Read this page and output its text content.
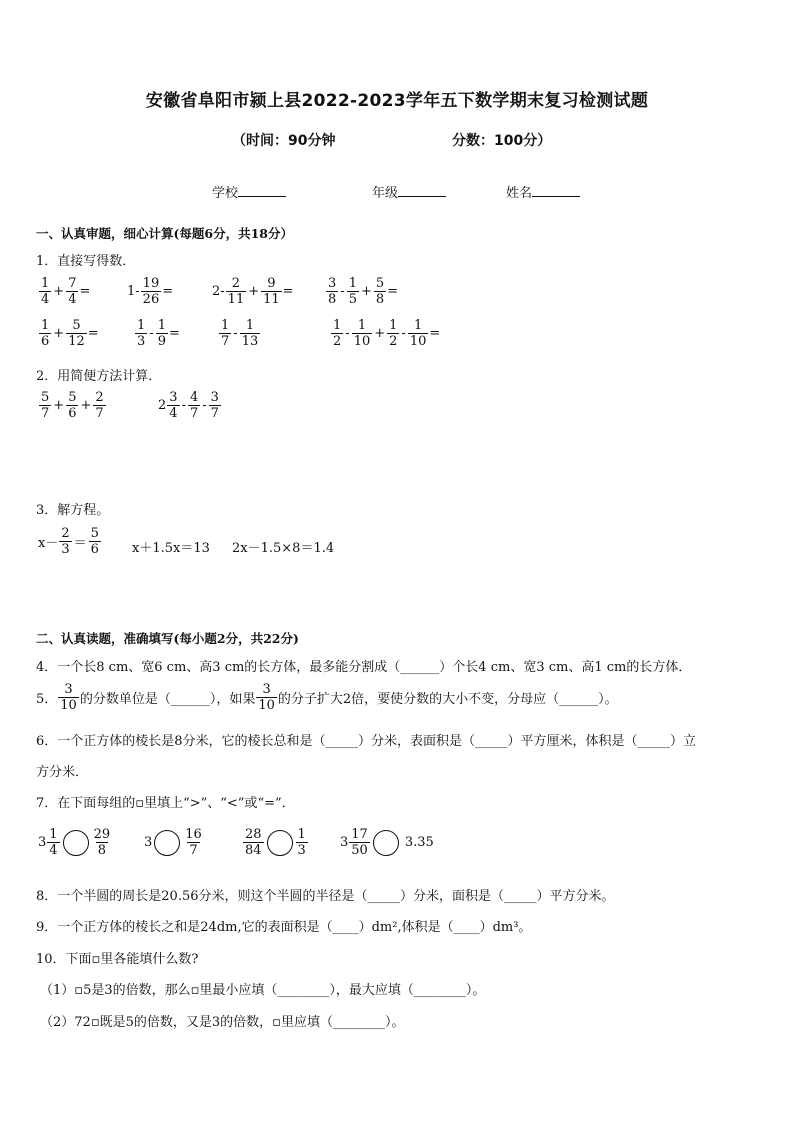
安徽省阜阳市颍上县2022-2023学年五下数学期末复习检测试题
（时间：90分钟	分数：100分）
学校	年级	姓名
一、认真审题，细心计算(每题6分，共18分）
1．直接写得数．
$\frac{1}{4} + \frac{7}{4}$ =	$1- \frac{19}{26}$ =	$2- \frac{2}{11} + \frac{9}{11} = \frac{3}{8} - \frac{1}{5} + \frac{5}{8}$ =
$\frac{1}{6} + \frac{5}{12}$ =	$\frac{1}{3} - \frac{1}{9}$ =	$\frac{1}{7} - \frac{1}{13}$	$\frac{1}{2} - \frac{1}{10} + \frac{1}{2} - \frac{1}{10}$ =
2．用简便方法计算．
$\frac{5}{7} + \frac{5}{6} + \frac{2}{7}$	$2 \frac{3}{4} - \frac{4}{7} - \frac{3}{7}$
3．解方程。
$x- \frac{2}{3} = \frac{5}{6} x+1.5x=13$ 2x－1.5×8＝1.4
二、认真读题，准确填写(每小题2分，共22分)
4．一个长8 cm、宽6 cm、高3 cm的长方体，最多能分割成（______）个长4 cm、宽3 cm、高1 cm的长方体．
5． $\frac{3}{10}$ 的分数单位是（______），如果 $\frac{3}{10}$ 的分子扩大2倍，要使分数的大小不变，分母应（______）。
6．一个正方体的棱长是8分米，它的棱长总和是（_____）分米，表面积是（_____）平方厘米，体积是（_____）立
方分米．
7．在下面每组的▫里填上“>”、“<”或“=”．
$3 \frac{1}{4} \frac{29}{8} 3 \frac{16}{7}$	$\frac{28}{84} \frac{1}{3} 3 \frac{17}{50}$	3.35
8．一个半圆的周长是20.56分米，则这个半圆的半径是（_____）分米，面积是（_____）平方分米。
9．一个正方体的棱长之和是24dm,它的表面积是（____）dm²,体积是（____）dm³。
10．下面▫里各能填什么数?
（1）▫5是3的倍数，那么▫里最小应填（________），最大应填（________）。
（2）72▫既是5的倍数，又是3的倍数，▫里应填（________）。
